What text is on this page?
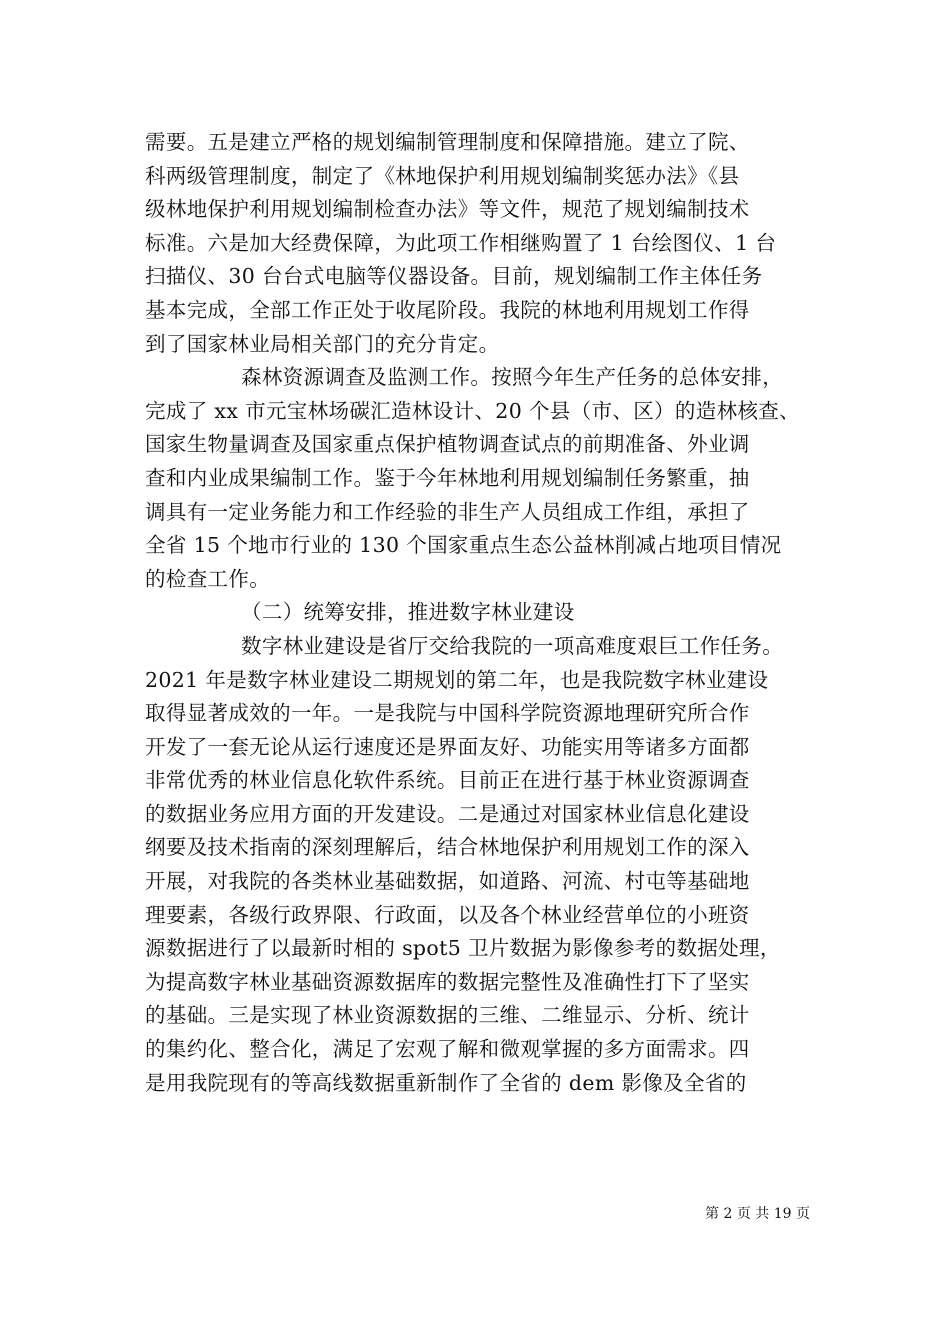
需要。五是建立严格的规划编制管理制度和保障措施。建立了院、
科两级管理制度，制定了《林地保护利用规划编制奖惩办法》《县
级林地保护利用规划编制检查办法》等文件，规范了规划编制技术
标准。六是加大经费保障，为此项工作相继购置了 1 台绘图仪、1 台
扫描仪、30 台台式电脑等仪器设备。目前，规划编制工作主体任务
基本完成，全部工作正处于收尾阶段。我院的林地利用规划工作得
到了国家林业局相关部门的充分肯定。
森林资源调查及监测工作。按照今年生产任务的总体安排，
完成了 xx 市元宝林场碳汇造林设计、20 个县（市、区）的造林核查、
国家生物量调查及国家重点保护植物调查试点的前期准备、外业调
查和内业成果编制工作。鉴于今年林地利用规划编制任务繁重，抽
调具有一定业务能力和工作经验的非生产人员组成工作组，承担了
全省 15 个地市行业的 130 个国家重点生态公益林削减占地项目情况
的检查工作。
（二）统筹安排，推进数字林业建设
数字林业建设是省厅交给我院的一项高难度艰巨工作任务。
2021 年是数字林业建设二期规划的第二年，也是我院数字林业建设
取得显著成效的一年。一是我院与中国科学院资源地理研究所合作
开发了一套无论从运行速度还是界面友好、功能实用等诸多方面都
非常优秀的林业信息化软件系统。目前正在进行基于林业资源调查
的数据业务应用方面的开发建设。二是通过对国家林业信息化建设
纲要及技术指南的深刻理解后，结合林地保护利用规划工作的深入
开展，对我院的各类林业基础数据，如道路、河流、村屯等基础地
理要素，各级行政界限、行政面，以及各个林业经营单位的小班资
源数据进行了以最新时相的 spot5 卫片数据为影像参考的数据处理，
为提高数字林业基础资源数据库的数据完整性及准确性打下了坚实
的基础。三是实现了林业资源数据的三维、二维显示、分析、统计
的集约化、整合化，满足了宏观了解和微观掌握的多方面需求。四
是用我院现有的等高线数据重新制作了全省的 dem 影像及全省的
第 2 页 共 19 页
